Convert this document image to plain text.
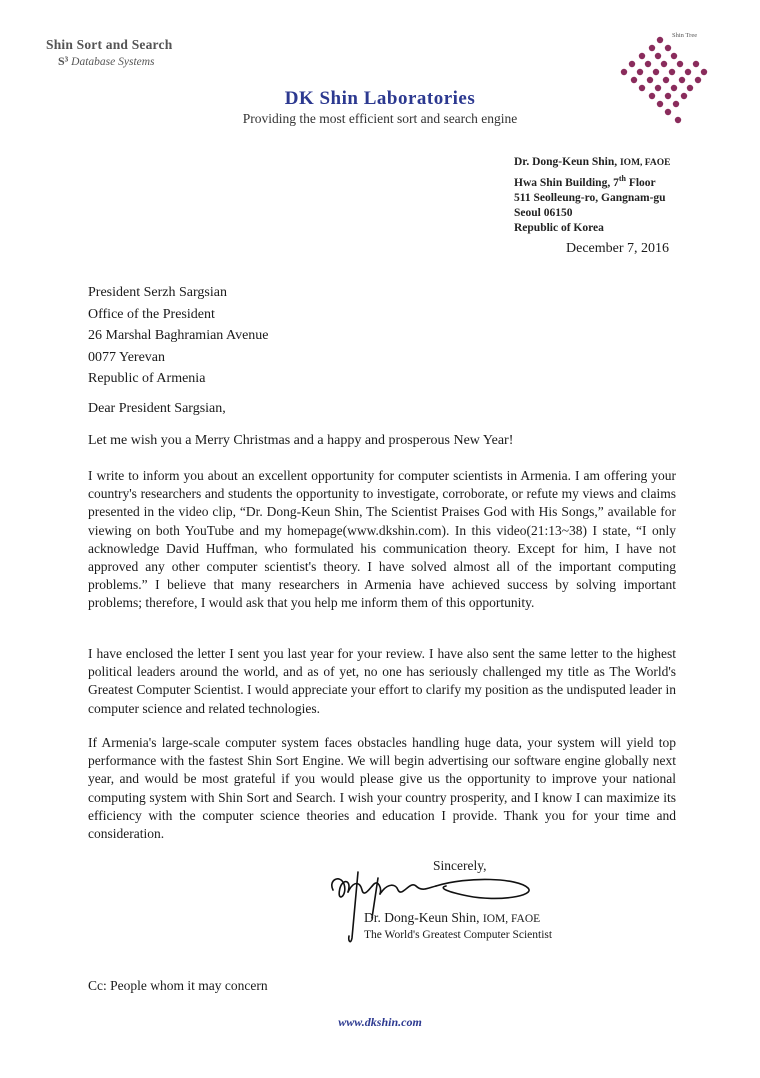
Shin Sort and Search
S³ Database Systems
Shin Tree
DK Shin Laboratories
Providing the most efficient sort and search engine
Dr. Dong-Keun Shin, IOM, FAOE
Hwa Shin Building, 7th Floor
511 Seolleung-ro, Gangnam-gu
Seoul 06150
Republic of Korea
December 7, 2016
President Serzh Sargsian
Office of the President
26 Marshal Baghramian Avenue
0077 Yerevan
Republic of Armenia
Dear President Sargsian,
Let me wish you a Merry Christmas and a happy and prosperous New Year!
I write to inform you about an excellent opportunity for computer scientists in Armenia. I am offering your country's researchers and students the opportunity to investigate, corroborate, or refute my views and claims presented in the video clip, “Dr. Dong-Keun Shin, The Scientist Praises God with His Songs,” available for viewing on both YouTube and my homepage(www.dkshin.com). In this video(21:13~38) I state, “I only acknowledge David Huffman, who formulated his communication theory. Except for him, I have not approved any other computer scientist's theory. I have solved almost all of the important computing problems.” I believe that many researchers in Armenia have achieved success by solving important problems; therefore, I would ask that you help me inform them of this opportunity.
I have enclosed the letter I sent you last year for your review. I have also sent the same letter to the highest political leaders around the world, and as of yet, no one has seriously challenged my title as The World's Greatest Computer Scientist. I would appreciate your effort to clarify my position as the undisputed leader in computer science and related technologies.
If Armenia's large-scale computer system faces obstacles handling huge data, your system will yield top performance with the fastest Shin Sort Engine. We will begin advertising our software engine globally next year, and would be most grateful if you would please give us the opportunity to improve your national computing system with Shin Sort and Search. I wish your country prosperity, and I know I can maximize its efficiency with the computer science theories and education I provide. Thank you for your time and consideration.
Sincerely,
Dr. Dong-Keun Shin, IOM, FAOE
The World's Greatest Computer Scientist
Cc: People whom it may concern
www.dkshin.com
